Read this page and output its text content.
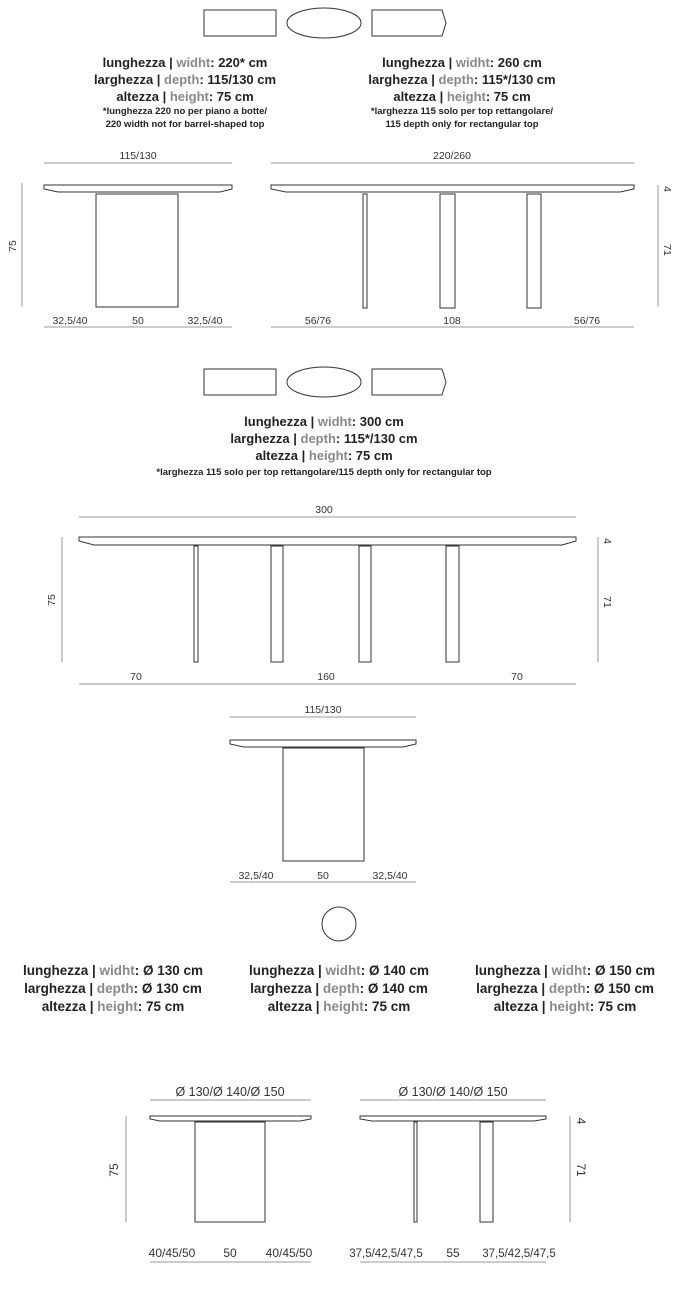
115/130
75
32,5/40	50	32,5/40
220/260
4
71
56/76	108	56/76
300
75
4
71
70	160	70
115/130
32,5/40	50	32,5/40
Ø 130/Ø 140/Ø 150
75
40/45/50 50 40/45/50
Ø 130/Ø 140/Ø 150
4
71
37,5/42,5/47,5 55 37,5/42,5/47,5
lunghezza | widht: 220* cm
larghezza | depth: 115/130 cm
altezza | height: 75 cm
*lunghezza 220 no per piano a botte/
220 width not for barrel-shaped top
lunghezza | widht: 260 cm
larghezza | depth: 115*/130 cm
altezza | height: 75 cm
*larghezza 115 solo per top rettangolare/
115 depth only for rectangular top
lunghezza | widht: 300 cm
larghezza | depth: 115*/130 cm
altezza | height: 75 cm
*larghezza 115 solo per top rettangolare/115 depth only for rectangular top
lunghezza | widht: Ø 130 cm
larghezza | depth: Ø 130 cm
altezza | height: 75 cm
lunghezza | widht: Ø 140 cm
larghezza | depth: Ø 140 cm
altezza | height: 75 cm
lunghezza | widht: Ø 150 cm
larghezza | depth: Ø 150 cm
altezza | height: 75 cm
